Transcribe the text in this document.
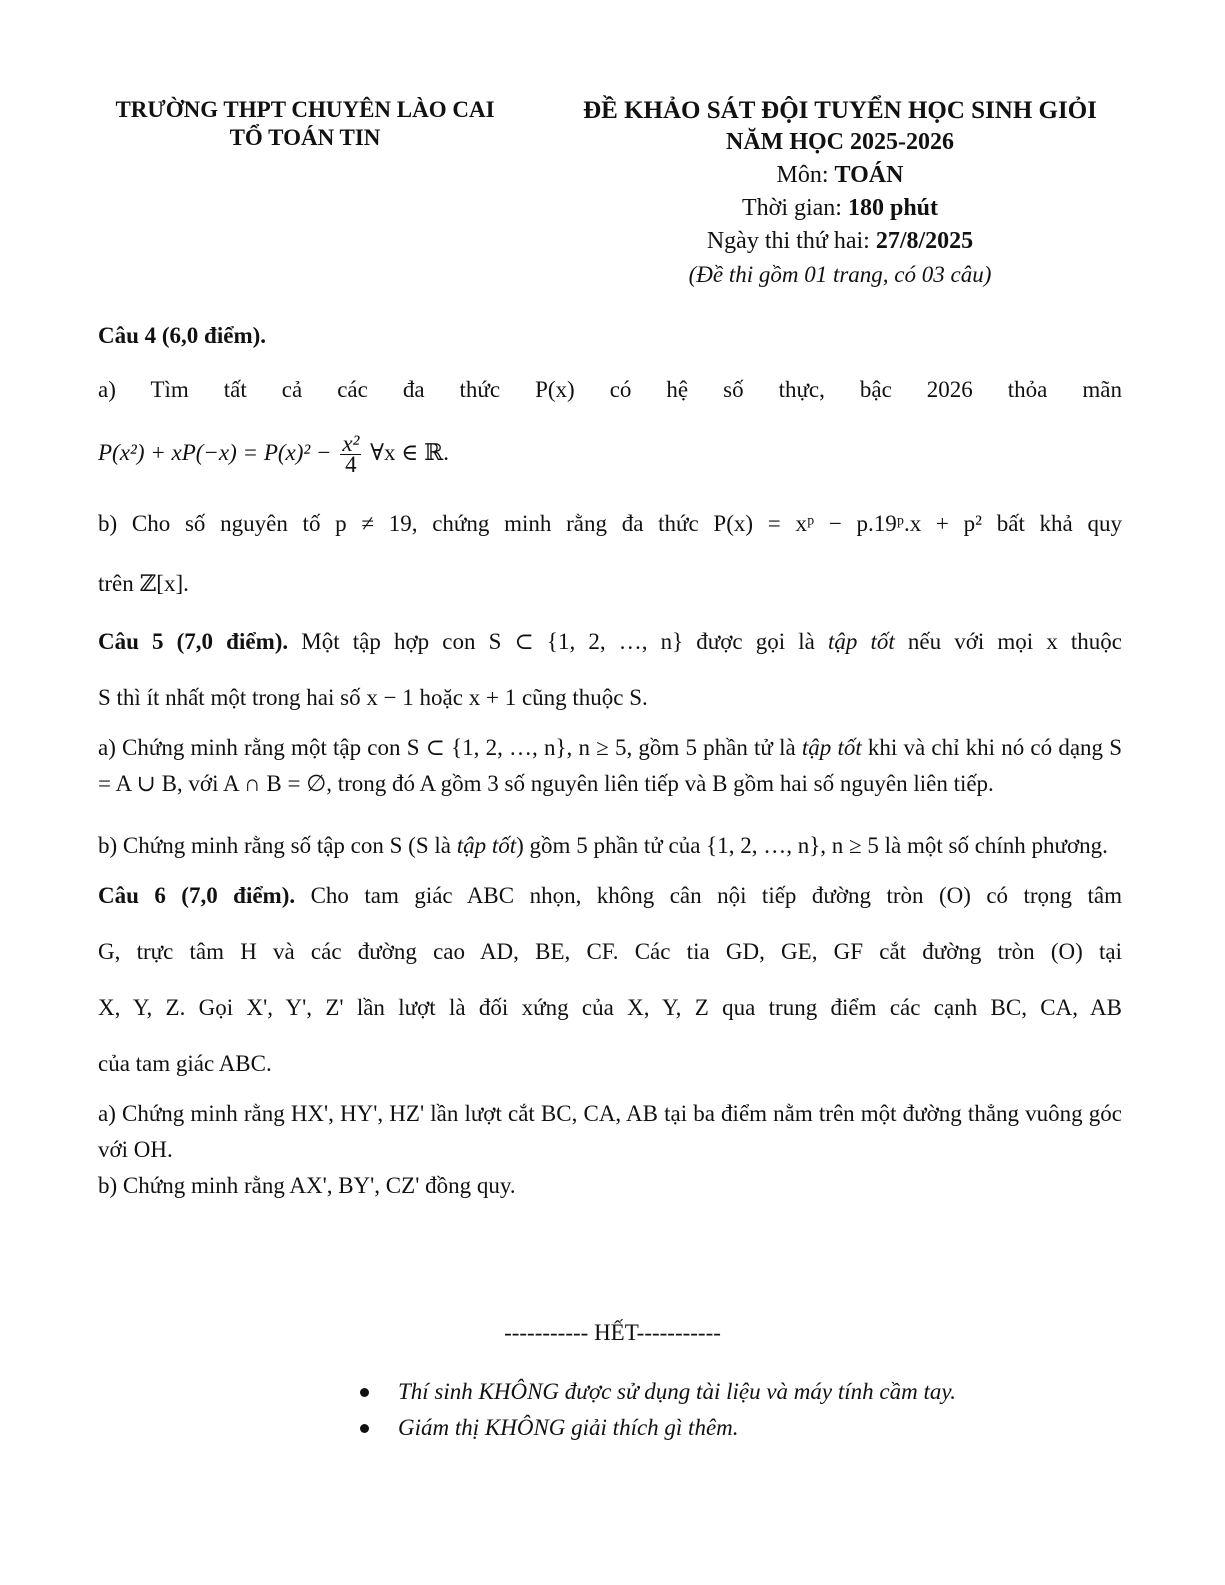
TRƯỜNG THPT CHUYÊN LÀO CAI
TỔ TOÁN TIN
ĐỀ KHẢO SÁT ĐỘI TUYỂN HỌC SINH GIỎI
NĂM HỌC 2025-2026
Môn: TOÁN
Thời gian: 180 phút
Ngày thi thứ hai: 27/8/2025
(Đề thi gồm 01 trang, có 03 câu)

Câu 4 (6,0 điểm).

a) Tìm tất cả các đa thức P(x) có hệ số thực, bậc 2026 thỏa mãn

$P(x^2) + xP(-x) = P(x)^2 - \frac{\text{x²}}{4}$ ∀x ∈ ℝ.

b) Cho số nguyên tố p ≠ 19, chứng minh rằng đa thức P(x) = xᵖ − p.19ᵖ.x + p² bất khả quy

trên ℤ[x].

Câu 5 (7,0 điểm). Một tập hợp con S ⊂ {1, 2, …, n} được gọi là tập tốt nếu với mọi x thuộc

S thì ít nhất một trong hai số x − 1 hoặc x + 1 cũng thuộc S.

a) Chứng minh rằng một tập con S ⊂ {1, 2, …, n}, n ≥ 5, gồm 5 phần tử là tập tốt khi và chỉ khi nó có dạng S = A ∪ B, với A ∩ B = ∅, trong đó A gồm 3 số nguyên liên tiếp và B gồm hai số nguyên liên tiếp.

b) Chứng minh rằng số tập con S (S là tập tốt) gồm 5 phần tử của {1, 2, …, n}, n ≥ 5 là một số chính phương.

Câu 6 (7,0 điểm). Cho tam giác ABC nhọn, không cân nội tiếp đường tròn (O) có trọng tâm

G, trực tâm H và các đường cao AD, BE, CF. Các tia GD, GE, GF cắt đường tròn (O) tại

X, Y, Z. Gọi X', Y', Z' lần lượt là đối xứng của X, Y, Z qua trung điểm các cạnh BC, CA, AB

của tam giác ABC.

a) Chứng minh rằng HX', HY', HZ' lần lượt cắt BC, CA, AB tại ba điểm nằm trên một đường thẳng vuông góc với OH.

b) Chứng minh rằng AX', BY', CZ' đồng quy.

----------- HẾT-----------
Thí sinh KHÔNG được sử dụng tài liệu và máy tính cầm tay.
Giám thị KHÔNG giải thích gì thêm.
